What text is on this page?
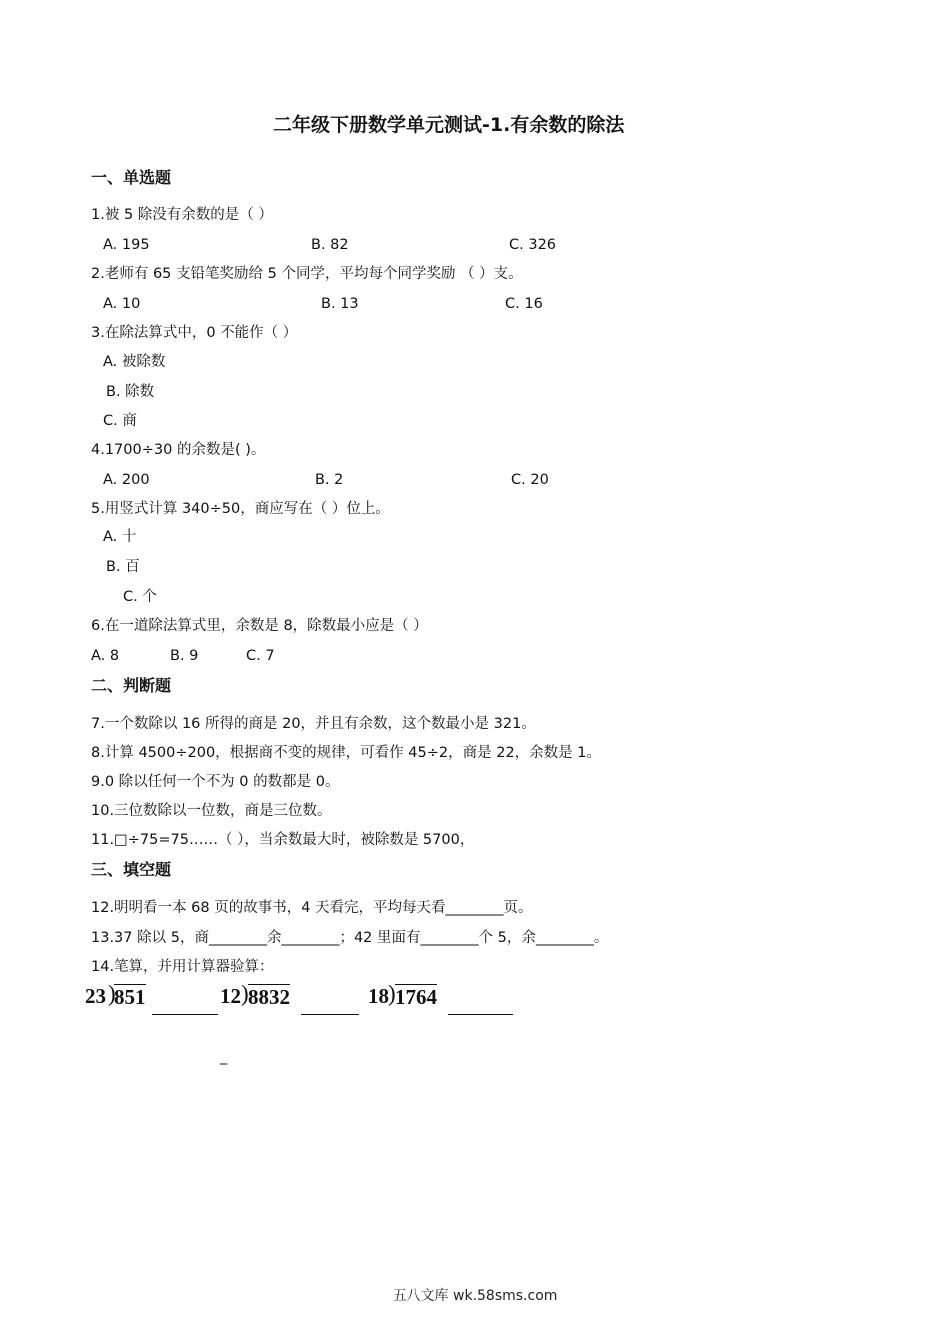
二年级下册数学单元测试-1.有余数的除法
一、单选题
1.被 5 除没有余数的是（ ）
A. 195	B. 82	C. 326
2.老师有 65 支铅笔奖励给 5 个同学，平均每个同学奖励 （ ）支。
A. 10	B. 13	C. 16
3.在除法算式中，0 不能作（ ）
A. 被除数
B. 除数
C. 商
4.1700÷30 的余数是( )。
A. 200	B. 2	C. 20
5.用竖式计算 340÷50，商应写在（ ）位上。
A. 十
B. 百
C. 个
6.在一道除法算式里，余数是 8，除数最小应是（ ）
A. 8	B. 9	C. 7
二、判断题
7.一个数除以 16 所得的商是 20，并且有余数，这个数最小是 321。
8.计算 4500÷200，根据商不变的规律，可看作 45÷2，商是 22，余数是 1。
9.0 除以任何一个不为 0 的数都是 0。
10.三位数除以一位数，商是三位数。
11.□÷75=75……（ ），当余数最大时，被除数是 5700，
三、填空题
12.明明看一本 68 页的故事书，4 天看完，平均每天看________页。
13.37 除以 5，商________余________；42 里面有________个 5，余________。
14.笔算，并用计算器验算：
23 )
851	12 ) 8832	18 ) 1764
_
五八文库 wk.58sms.com
